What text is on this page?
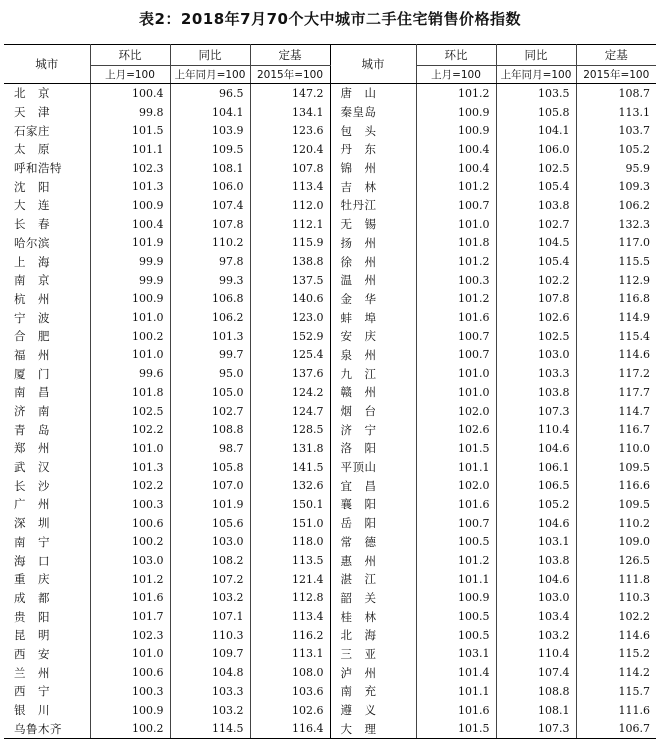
表2：2018年7月70个大中城市二手住宅销售价格指数
城市	环比	同比	定基	城市	环比	同比	定基
	上月=100	上年同月=100	2015年=100		上月=100	上年同月=100	2015年=100
北　京	100.4	96.5	147.2	唐　山	101.2	103.5	108.7
天　津	99.8	104.1	134.1	秦皇岛	100.9	105.8	113.1
石家庄	101.5	103.9	123.6	包　头	100.9	104.1	103.7
太　原	101.1	109.5	120.4	丹　东	100.4	106.0	105.2
呼和浩特	102.3	108.1	107.8	锦　州	100.4	102.5	95.9
沈　阳	101.3	106.0	113.4	吉　林	101.2	105.4	109.3
大　连	100.9	107.4	112.0	牡丹江	100.7	103.8	106.2
长　春	100.4	107.8	112.1	无　锡	101.0	102.7	132.3
哈尔滨	101.9	110.2	115.9	扬　州	101.8	104.5	117.0
上　海	99.9	97.8	138.8	徐　州	101.2	105.4	115.5
南　京	99.9	99.3	137.5	温　州	100.3	102.2	112.9
杭　州	100.9	106.8	140.6	金　华	101.2	107.8	116.8
宁　波	101.0	106.2	123.0	蚌　埠	101.6	102.6	114.9
合　肥	100.2	101.3	152.9	安　庆	100.7	102.5	115.4
福　州	101.0	99.7	125.4	泉　州	100.7	103.0	114.6
厦　门	99.6	95.0	137.6	九　江	101.0	103.3	117.2
南　昌	101.8	105.0	124.2	赣　州	101.0	103.8	117.7
济　南	102.5	102.7	124.7	烟　台	102.0	107.3	114.7
青　岛	102.2	108.8	128.5	济　宁	102.6	110.4	116.7
郑　州	101.0	98.7	131.8	洛　阳	101.5	104.6	110.0
武　汉	101.3	105.8	141.5	平顶山	101.1	106.1	109.5
长　沙	102.2	107.0	132.6	宜　昌	102.0	106.5	116.6
广　州	100.3	101.9	150.1	襄　阳	101.6	105.2	109.5
深　圳	100.6	105.6	151.0	岳　阳	100.7	104.6	110.2
南　宁	100.2	103.0	118.0	常　德	100.5	103.1	109.0
海　口	103.0	108.2	113.5	惠　州	101.2	103.8	126.5
重　庆	101.2	107.2	121.4	湛　江	101.1	104.6	111.8
成　都	101.6	103.2	112.8	韶　关	100.9	103.0	110.3
贵　阳	101.7	107.1	113.4	桂　林	100.5	103.4	102.2
昆　明	102.3	110.3	116.2	北　海	100.5	103.2	114.6
西　安	101.0	109.7	113.1	三　亚	103.1	110.4	115.2
兰　州	100.6	104.8	108.0	泸　州	101.4	107.4	114.2
西　宁	100.3	103.3	103.6	南　充	101.1	108.8	115.7
银　川	100.9	103.2	102.6	遵　义	101.6	108.1	111.6
乌鲁木齐	100.2	114.5	116.4	大　理	101.5	107.3	106.7
